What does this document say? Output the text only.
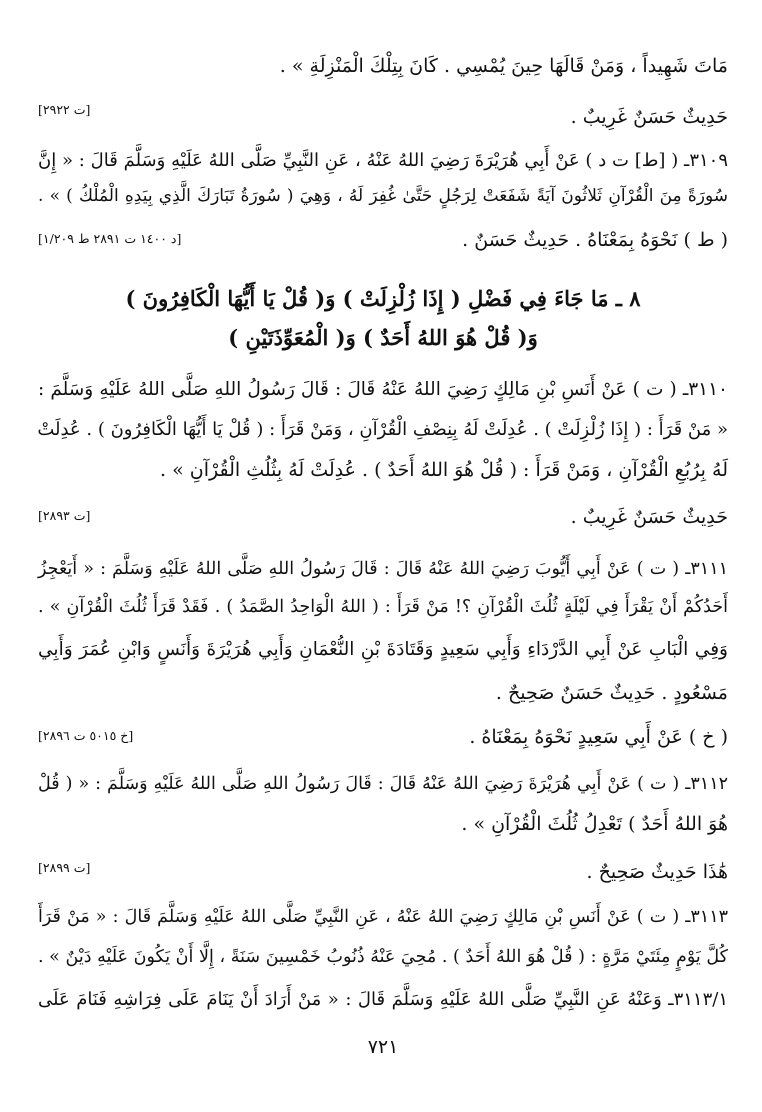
مَاتَ شَهِيداً ، وَمَنْ قَالَهَا حِينَ يُمْسِي . كَانَ بِتِلْكَ الْمَنْزِلَةِ » .
حَدِيثٌ حَسَنٌ غَرِيبٌ .
[ت ٢٩٢٢]
٣١٠٩ـ ( [ط] ت د ) عَنْ أَبِي هُرَيْرَةَ رَضِيَ اللهُ عَنْهُ ، عَنِ النَّبِيِّ صَلَّى اللهُ عَلَيْهِ وَسَلَّمَ قَالَ : « إِنَّ
سُورَةً مِنَ الْقُرْآنِ ثَلاثُونَ آيَةً شَفَعَتْ لِرَجُلٍ حَتَّىٰ غُفِرَ لَهُ ، وَهِيَ ( سُورَةُ تَبَارَكَ الَّذِي بِيَدِهِ الْمُلْكُ ) » .
( ط ) نَحْوَهُ بِمَعْنَاهُ . حَدِيثٌ حَسَنٌ .
[د ١٤٠٠ ت ٢٨٩١ ط ١/٢٠٩]
٨ ـ مَا جَاءَ فِي فَضْلِ ( إِذَا زُلْزِلَتْ ) وَ( قُلْ يَا أَيُّهَا الْكَافِرُونَ )
وَ( قُلْ هُوَ اللهُ أَحَدٌ ) وَ( الْمُعَوِّذَتَيْنِ )
٣١١٠ـ ( ت ) عَنْ أَنَسِ بْنِ مَالِكٍ رَضِيَ اللهُ عَنْهُ قَالَ : قَالَ رَسُولُ اللهِ صَلَّى اللهُ عَلَيْهِ وَسَلَّمَ :
« مَنْ قَرَأَ : ( إِذَا زُلْزِلَتْ ) . عُدِلَتْ لَهُ بِنِصْفِ الْقُرْآنِ ، وَمَنْ قَرَأَ : ( قُلْ يَا أَيُّهَا الْكَافِرُونَ ) . عُدِلَتْ
لَهُ بِرُبُعِ الْقُرْآنِ ، وَمَنْ قَرَأَ : ( قُلْ هُوَ اللهُ أَحَدٌ ) . عُدِلَتْ لَهُ بِثُلُثِ الْقُرْآنِ » .
حَدِيثٌ حَسَنٌ غَرِيبٌ .
[ت ٢٨٩٣]
٣١١١ـ ( ت ) عَنْ أَبِي أَيُّوبَ رَضِيَ اللهُ عَنْهُ قَالَ : قَالَ رَسُولُ اللهِ صَلَّى اللهُ عَلَيْهِ وَسَلَّمَ : « أَيَعْجِزُ
أَحَدُكُمْ أَنْ يَقْرَأَ فِي لَيْلَةٍ ثُلُثَ الْقُرْآنِ ؟! مَنْ قَرَأَ : ( اللهُ الْوَاحِدُ الصَّمَدُ ) . فَقَدْ قَرَأَ ثُلُثَ الْقُرْآنِ » .
وَفِي الْبَابِ عَنْ أَبِي الدَّرْدَاءِ وَأَبِي سَعِيدٍ وَقَتَادَةَ بْنِ النُّعْمَانِ وَأَبِي هُرَيْرَةَ وَأَنَسٍ وَابْنِ عُمَرَ وَأَبِي
مَسْعُودٍ . حَدِيثٌ حَسَنٌ صَحِيحٌ .
( خ ) عَنْ أَبِي سَعِيدٍ نَحْوَهُ بِمَعْنَاهُ .
[خ ٥٠١٥ ت ٢٨٩٦]
٣١١٢ـ ( ت ) عَنْ أَبِي هُرَيْرَةَ رَضِيَ اللهُ عَنْهُ قَالَ : قَالَ رَسُولُ اللهِ صَلَّى اللهُ عَلَيْهِ وَسَلَّمَ : « ( قُلْ
هُوَ اللهُ أَحَدٌ ) تَعْدِلُ ثُلُثَ الْقُرْآنِ » .
هَٰذَا حَدِيثٌ صَحِيحٌ .
[ت ٢٨٩٩]
٣١١٣ـ ( ت ) عَنْ أَنَسِ بْنِ مَالِكٍ رَضِيَ اللهُ عَنْهُ ، عَنِ النَّبِيِّ صَلَّى اللهُ عَلَيْهِ وَسَلَّمَ قَالَ : « مَنْ قَرَأَ
كُلَّ يَوْمٍ مِئَتَيْ مَرَّةٍ : ( قُلْ هُوَ اللهُ أَحَدٌ ) . مُحِيَ عَنْهُ ذُنُوبُ خَمْسِينَ سَنَةً ، إِلَّا أَنْ يَكُونَ عَلَيْهِ دَيْنٌ » .
٣١١٣/١ـ وَعَنْهُ عَنِ النَّبِيِّ صَلَّى اللهُ عَلَيْهِ وَسَلَّمَ قَالَ : « مَنْ أَرَادَ أَنْ يَنَامَ عَلَى فِرَاشِهِ فَنَامَ عَلَى
٧٢١
